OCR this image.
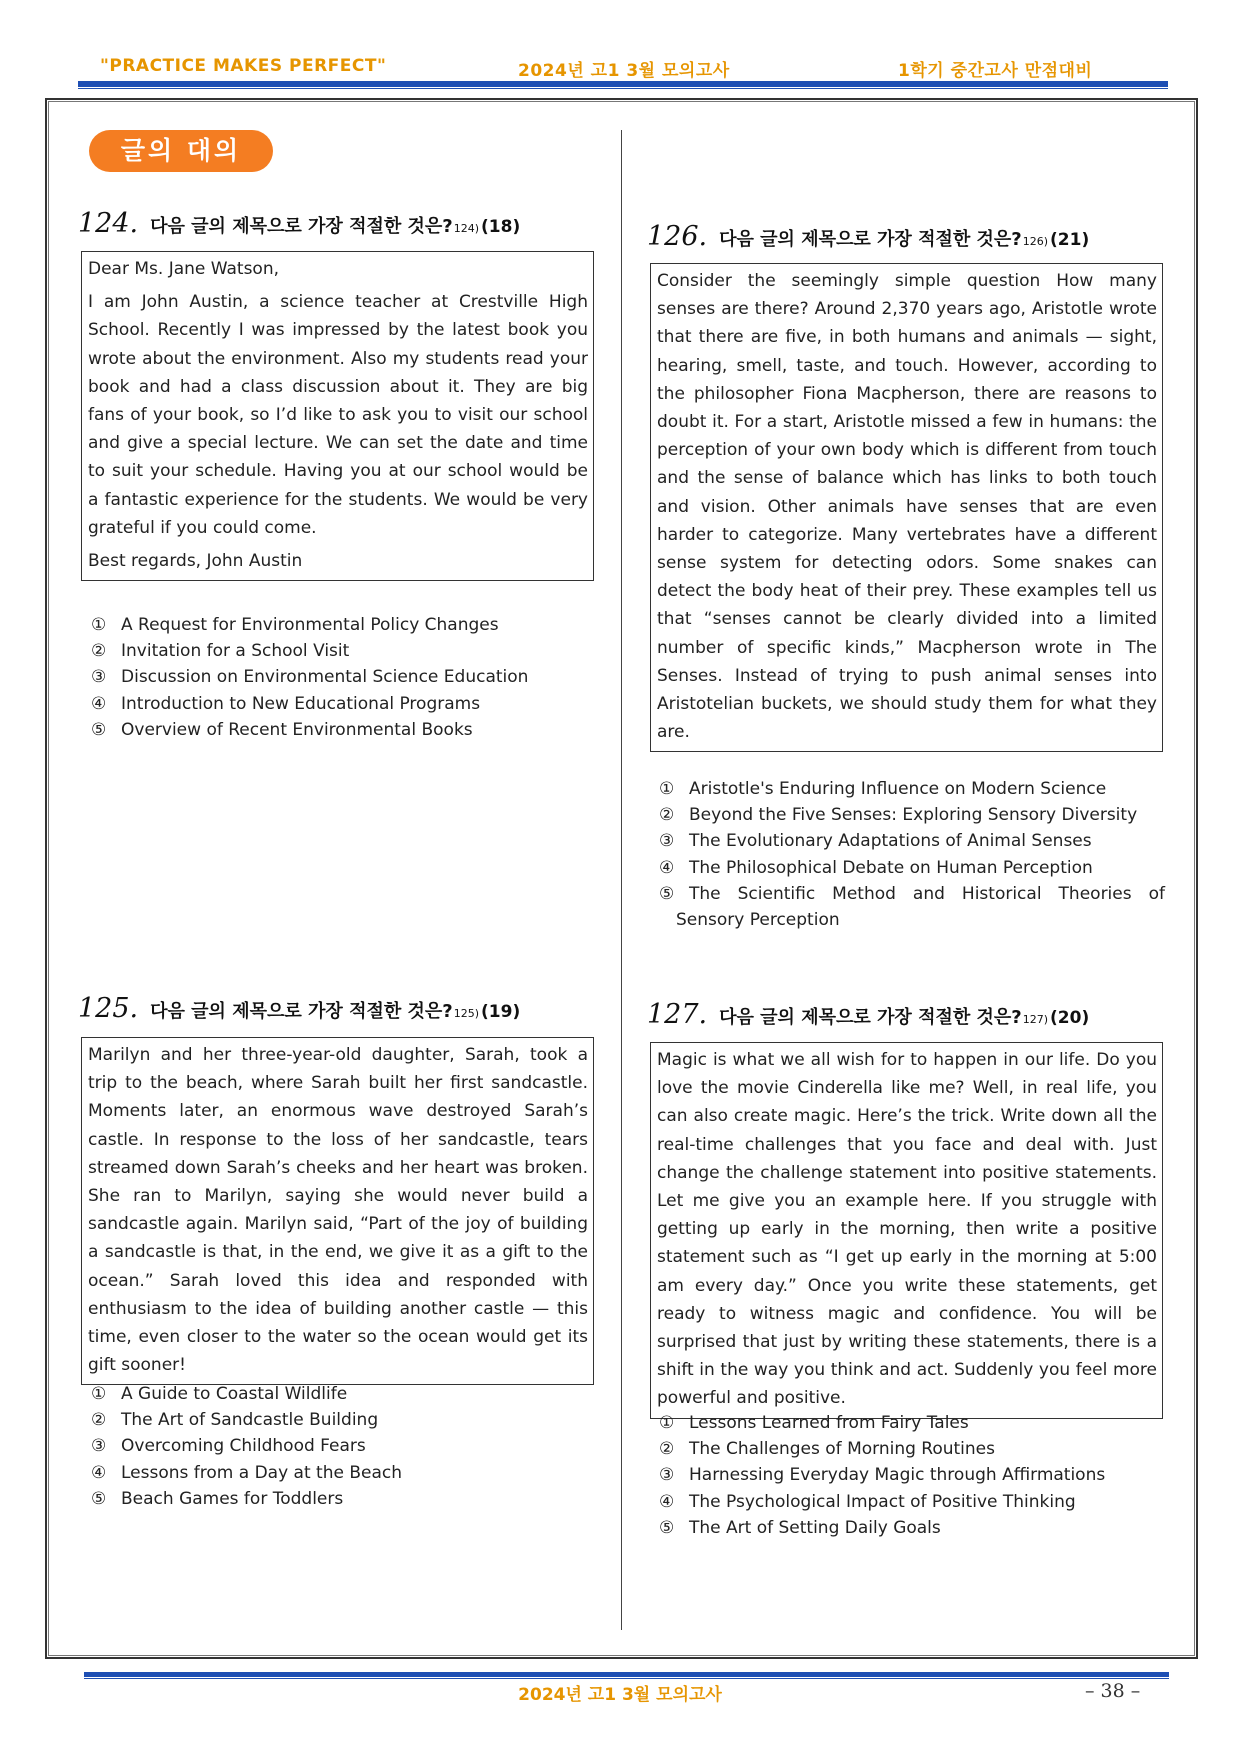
"PRACTICE MAKES PERFECT"	2024년 고1 3월 모의고사	1학기 중간고사 만점대비
글의 대의
124. 다음 글의 제목으로 가장 적절한 것은? 124) (18)

Dear Ms. Jane Watson,

I am John Austin, a science teacher at Crestville High School. Recently I was impressed by the latest book you wrote about the environment. Also my students read your book and had a class discussion about it. They are big fans of your book, so I’d like to ask you to visit our school and give a special lecture. We can set the date and time to suit your schedule. Having you at our school would be a fantastic experience for the students. We would be very grateful if you could come.

Best regards, John Austin

① A Request for Environmental Policy Changes
② Invitation for a School Visit
③ Discussion on Environmental Science Education
④ Introduction to New Educational Programs
⑤ Overview of Recent Environmental Books
125. 다음 글의 제목으로 가장 적절한 것은? 125) (19)

Marilyn and her three-year-old daughter, Sarah, took a trip to the beach, where Sarah built her first sandcastle. Moments later, an enormous wave destroyed Sarah’s castle. In response to the loss of her sandcastle, tears streamed down Sarah’s cheeks and her heart was broken. She ran to Marilyn, saying she would never build a sandcastle again. Marilyn said, “Part of the joy of building a sandcastle is that, in the end, we give it as a gift to the ocean.” Sarah loved this idea and responded with enthusiasm to the idea of building another castle — this time, even closer to the water so the ocean would get its gift sooner!

① A Guide to Coastal Wildlife
② The Art of Sandcastle Building
③ Overcoming Childhood Fears
④ Lessons from a Day at the Beach
⑤ Beach Games for Toddlers
126. 다음 글의 제목으로 가장 적절한 것은? 126) (21)

Consider the seemingly simple question How many senses are there? Around 2,370 years ago, Aristotle wrote that there are five, in both humans and animals — sight, hearing, smell, taste, and touch. However, according to the philosopher Fiona Macpherson, there are reasons to doubt it. For a start, Aristotle missed a few in humans: the perception of your own body which is different from touch and the sense of balance which has links to both touch and vision. Other animals have senses that are even harder to categorize. Many vertebrates have a different sense system for detecting odors. Some snakes can detect the body heat of their prey. These examples tell us that “senses cannot be clearly divided into a limited number of specific kinds,” Macpherson wrote in The Senses. Instead of trying to push animal senses into Aristotelian buckets, we should study them for what they are.

① Aristotle's Enduring Influence on Modern Science
② Beyond the Five Senses: Exploring Sensory Diversity
③ The Evolutionary Adaptations of Animal Senses
④ The Philosophical Debate on Human Perception
⑤ The Scientific Method and Historical Theories of
Sensory Perception
127. 다음 글의 제목으로 가장 적절한 것은? 127) (20)

Magic is what we all wish for to happen in our life. Do you love the movie Cinderella like me? Well, in real life, you can also create magic. Here’s the trick. Write down all the real-time challenges that you face and deal with. Just change the challenge statement into positive statements. Let me give you an example here. If you struggle with getting up early in the morning, then write a positive statement such as “I get up early in the morning at 5:00 am every day.” Once you write these statements, get ready to witness magic and confidence. You will be surprised that just by writing these statements, there is a shift in the way you think and act. Suddenly you feel more powerful and positive.

① Lessons Learned from Fairy Tales
② The Challenges of Morning Routines
③ Harnessing Everyday Magic through Affirmations
④ The Psychological Impact of Positive Thinking
⑤ The Art of Setting Daily Goals
2024년 고1 3월 모의고사	– 38 –
